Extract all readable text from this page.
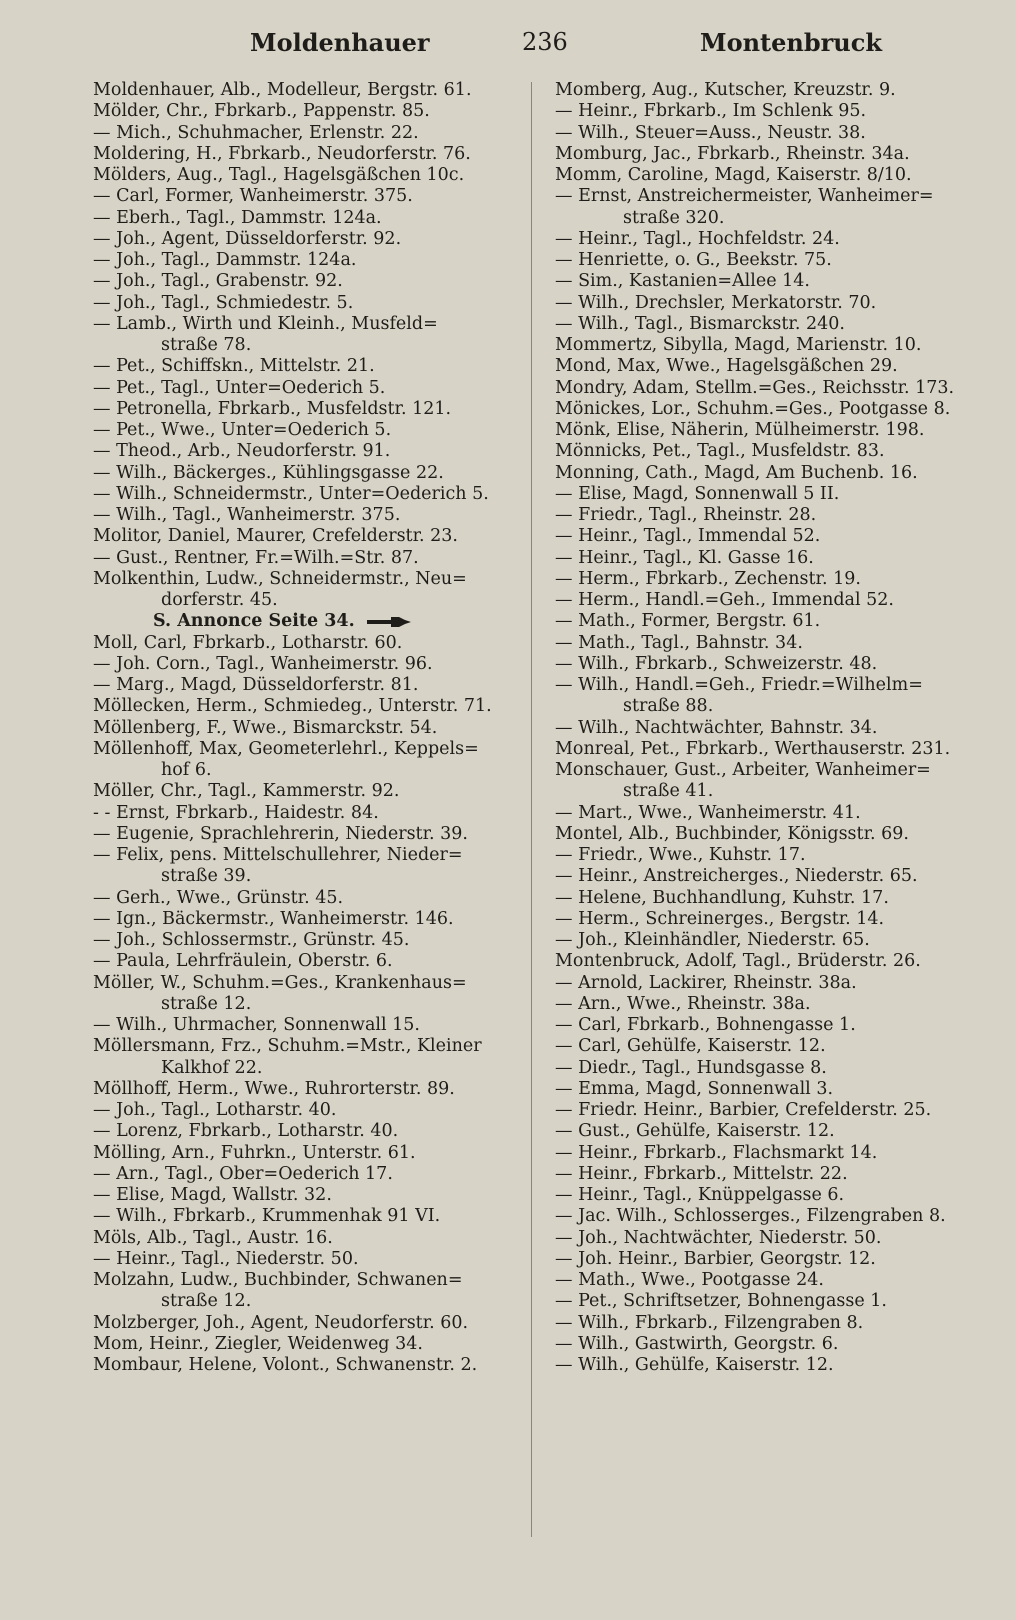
Moldenhauer	236	Montenbruck
Moldenhauer, Alb., Modelleur, Bergstr. 61.
Mölder, Chr., Fbrkarb., Pappenstr. 85.
— Mich., Schuhmacher, Erlenstr. 22.
Moldering, H., Fbrkarb., Neudorferstr. 76.
Mölders, Aug., Tagl., Hagelsgäßchen 10c.
— Carl, Former, Wanheimerstr. 375.
— Eberh., Tagl., Dammstr. 124a.
— Joh., Agent, Düsseldorferstr. 92.
— Joh., Tagl., Dammstr. 124a.
— Joh., Tagl., Grabenstr. 92.
— Joh., Tagl., Schmiedestr. 5.
— Lamb., Wirth und Kleinh., Musfeld=
straße 78.
— Pet., Schiffskn., Mittelstr. 21.
— Pet., Tagl., Unter=Oederich 5.
— Petronella, Fbrkarb., Musfeldstr. 121.
— Pet., Wwe., Unter=Oederich 5.
— Theod., Arb., Neudorferstr. 91.
— Wilh., Bäckerges., Kühlingsgasse 22.
— Wilh., Schneidermstr., Unter=Oederich 5.
— Wilh., Tagl., Wanheimerstr. 375.
Molitor, Daniel, Maurer, Crefelderstr. 23.
— Gust., Rentner, Fr.=Wilh.=Str. 87.
Molkenthin, Ludw., Schneidermstr., Neu=
dorferstr. 45.
S. Annonce Seite 34.
Moll, Carl, Fbrkarb., Lotharstr. 60.
— Joh. Corn., Tagl., Wanheimerstr. 96.
— Marg., Magd, Düsseldorferstr. 81.
Möllecken, Herm., Schmiedeg., Unterstr. 71.
Möllenberg, F., Wwe., Bismarckstr. 54.
Möllenhoff, Max, Geometerlehrl., Keppels=
hof 6.
Möller, Chr., Tagl., Kammerstr. 92.
- - Ernst, Fbrkarb., Haidestr. 84.
— Eugenie, Sprachlehrerin, Niederstr. 39.
— Felix, pens. Mittelschullehrer, Nieder=
straße 39.
— Gerh., Wwe., Grünstr. 45.
— Ign., Bäckermstr., Wanheimerstr. 146.
— Joh., Schlossermstr., Grünstr. 45.
— Paula, Lehrfräulein, Oberstr. 6.
Möller, W., Schuhm.=Ges., Krankenhaus=
straße 12.
— Wilh., Uhrmacher, Sonnenwall 15.
Möllersmann, Frz., Schuhm.=Mstr., Kleiner
Kalkhof 22.
Möllhoff, Herm., Wwe., Ruhrorterstr. 89.
— Joh., Tagl., Lotharstr. 40.
— Lorenz, Fbrkarb., Lotharstr. 40.
Mölling, Arn., Fuhrkn., Unterstr. 61.
— Arn., Tagl., Ober=Oederich 17.
— Elise, Magd, Wallstr. 32.
— Wilh., Fbrkarb., Krummenhak 91 VI.
Möls, Alb., Tagl., Austr. 16.
— Heinr., Tagl., Niederstr. 50.
Molzahn, Ludw., Buchbinder, Schwanen=
straße 12.
Molzberger, Joh., Agent, Neudorferstr. 60.
Mom, Heinr., Ziegler, Weidenweg 34.
Mombaur, Helene, Volont., Schwanenstr. 2.
Momberg, Aug., Kutscher, Kreuzstr. 9.
— Heinr., Fbrkarb., Im Schlenk 95.
— Wilh., Steuer=Auss., Neustr. 38.
Momburg, Jac., Fbrkarb., Rheinstr. 34a.
Momm, Caroline, Magd, Kaiserstr. 8/10.
— Ernst, Anstreichermeister, Wanheimer=
straße 320.
— Heinr., Tagl., Hochfeldstr. 24.
— Henriette, o. G., Beekstr. 75.
— Sim., Kastanien=Allee 14.
— Wilh., Drechsler, Merkatorstr. 70.
— Wilh., Tagl., Bismarckstr. 240.
Mommertz, Sibylla, Magd, Marienstr. 10.
Mond, Max, Wwe., Hagelsgäßchen 29.
Mondry, Adam, Stellm.=Ges., Reichsstr. 173.
Mönickes, Lor., Schuhm.=Ges., Pootgasse 8.
Mönk, Elise, Näherin, Mülheimerstr. 198.
Mönnicks, Pet., Tagl., Musfeldstr. 83.
Monning, Cath., Magd, Am Buchenb. 16.
— Elise, Magd, Sonnenwall 5 II.
— Friedr., Tagl., Rheinstr. 28.
— Heinr., Tagl., Immendal 52.
— Heinr., Tagl., Kl. Gasse 16.
— Herm., Fbrkarb., Zechenstr. 19.
— Herm., Handl.=Geh., Immendal 52.
— Math., Former, Bergstr. 61.
— Math., Tagl., Bahnstr. 34.
— Wilh., Fbrkarb., Schweizerstr. 48.
— Wilh., Handl.=Geh., Friedr.=Wilhelm=
straße 88.
— Wilh., Nachtwächter, Bahnstr. 34.
Monreal, Pet., Fbrkarb., Werthauserstr. 231.
Monschauer, Gust., Arbeiter, Wanheimer=
straße 41.
— Mart., Wwe., Wanheimerstr. 41.
Montel, Alb., Buchbinder, Königsstr. 69.
— Friedr., Wwe., Kuhstr. 17.
— Heinr., Anstreicherges., Niederstr. 65.
— Helene, Buchhandlung, Kuhstr. 17.
— Herm., Schreinerges., Bergstr. 14.
— Joh., Kleinhändler, Niederstr. 65.
Montenbruck, Adolf, Tagl., Brüderstr. 26.
— Arnold, Lackirer, Rheinstr. 38a.
— Arn., Wwe., Rheinstr. 38a.
— Carl, Fbrkarb., Bohnengasse 1.
— Carl, Gehülfe, Kaiserstr. 12.
— Diedr., Tagl., Hundsgasse 8.
— Emma, Magd, Sonnenwall 3.
— Friedr. Heinr., Barbier, Crefelderstr. 25.
— Gust., Gehülfe, Kaiserstr. 12.
— Heinr., Fbrkarb., Flachsmarkt 14.
— Heinr., Fbrkarb., Mittelstr. 22.
— Heinr., Tagl., Knüppelgasse 6.
— Jac. Wilh., Schlosserges., Filzengraben 8.
— Joh., Nachtwächter, Niederstr. 50.
— Joh. Heinr., Barbier, Georgstr. 12.
— Math., Wwe., Pootgasse 24.
— Pet., Schriftsetzer, Bohnengasse 1.
— Wilh., Fbrkarb., Filzengraben 8.
— Wilh., Gastwirth, Georgstr. 6.
— Wilh., Gehülfe, Kaiserstr. 12.
